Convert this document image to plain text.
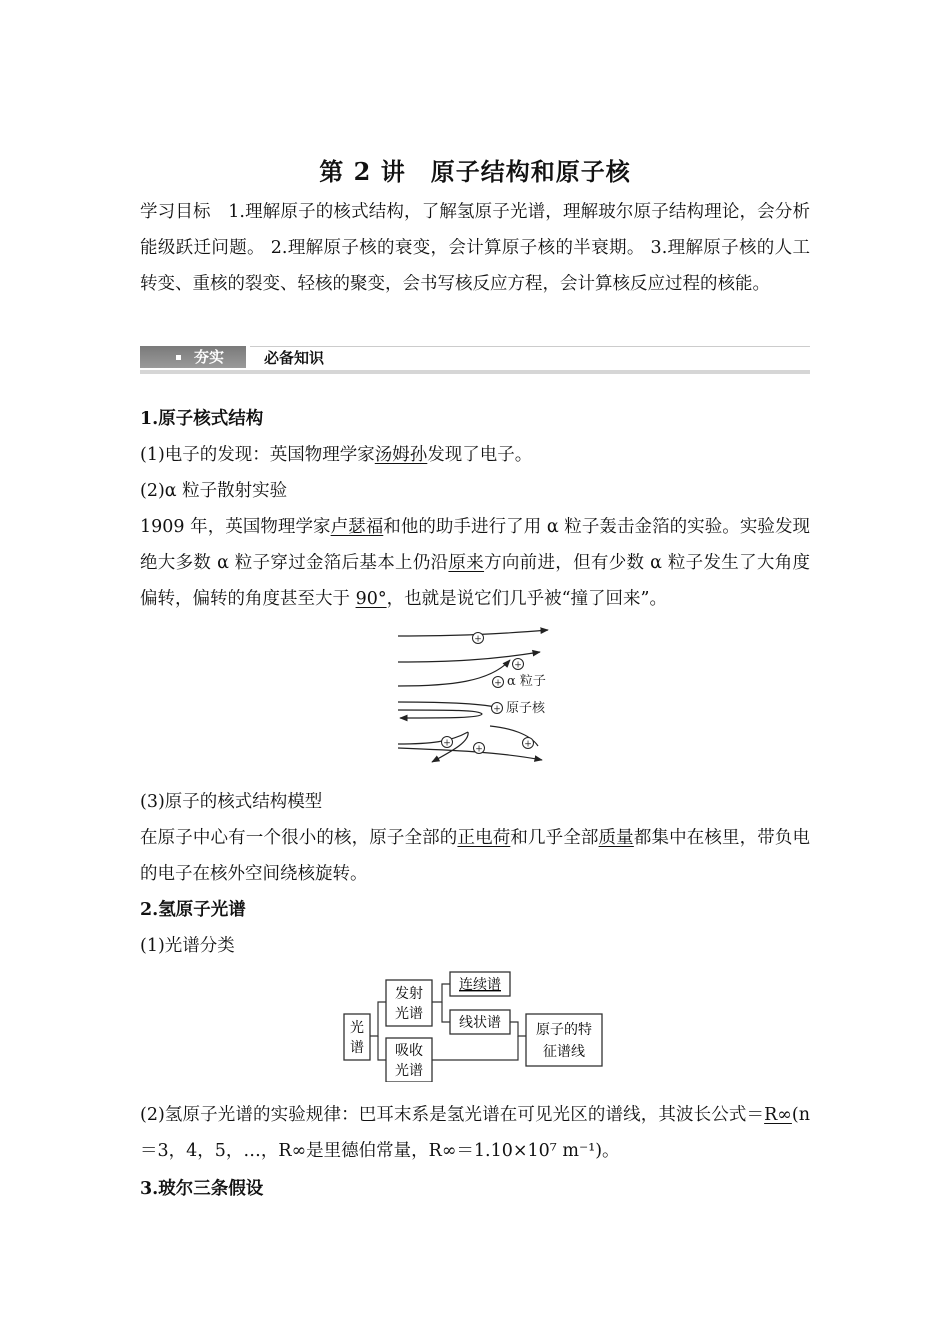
第 2 讲　原子结构和原子核
学习目标　1.理解原子的核式结构，了解氢原子光谱，理解玻尔原子结构理论，会分析能级跃迁问题。 2.理解原子核的衰变，会计算原子核的半衰期。 3.理解原子核的人工转变、重核的裂变、轻核的聚变，会书写核反应方程，会计算核反应过程的核能。
夯实	必备知识
1.原子核式结构
(1)电子的发现：英国物理学家汤姆孙发现了电子。
(2)α 粒子散射实验
1909 年，英国物理学家卢瑟福和他的助手进行了用 α 粒子轰击金箔的实验。实验发现绝大多数 α 粒子穿过金箔后基本上仍沿原来方向前进，但有少数 α 粒子发生了大角度偏转，偏转的角度甚至大于 90°，也就是说它们几乎被“撞了回来”。
+
+
+
+
+
+	+
α 粒子
原子核
(3)原子的核式结构模型
在原子中心有一个很小的核，原子全部的正电荷和几乎全部质量都集中在核里，带负电的电子在核外空间绕核旋转。
2.氢原子光谱
(1)光谱分类
光
谱
发射
光谱
吸收
光谱
连续谱
线状谱	原子的特
征谱线
(2)氢原子光谱的实验规律：巴耳末系是氢光谱在可见光区的谱线，其波长公式＝R∞(n＝3，4，5，…，R∞是里德伯常量，R∞＝1.10×10⁷ m⁻¹)。
3.玻尔三条假设
